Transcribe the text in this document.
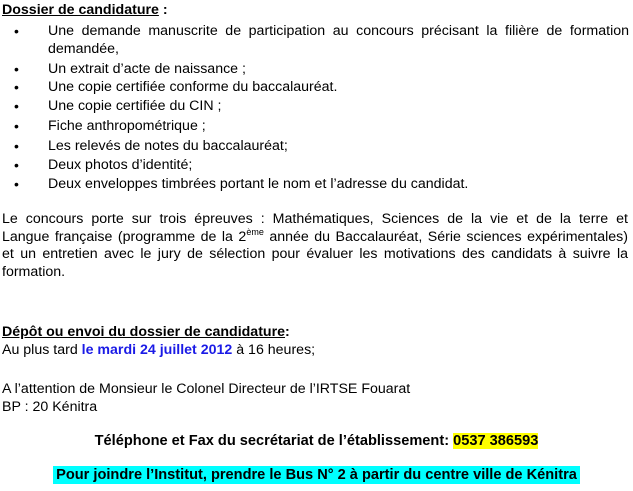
Dossier de candidature :
• Une demande manuscrite de participation au concours précisant la filière de formation demandée,
• Un extrait d’acte de naissance ;
• Une copie certifiée conforme du baccalauréat.
• Une copie certifiée du CIN ;
• Fiche anthropométrique ;
• Les relevés de notes du baccalauréat;
• Deux photos d’identité;
• Deux enveloppes timbrées portant le nom et l’adresse du candidat.
Le concours porte sur trois épreuves : Mathématiques, Sciences de la vie et de la terre et Langue française (programme de la 2ème année du Baccalauréat, Série sciences expérimentales) et un entretien avec le jury de sélection pour évaluer les motivations des candidats à suivre la formation.
Dépôt ou envoi du dossier de candidature:
Au plus tard le mardi 24 juillet 2012 à 16 heures;
A l’attention de Monsieur le Colonel Directeur de l’IRTSE Fouarat
BP : 20 Kénitra
Téléphone et Fax du secrétariat de l’établissement: 0537 386593
Pour joindre l’Institut, prendre le Bus N° 2 à partir du centre ville de Kénitra
